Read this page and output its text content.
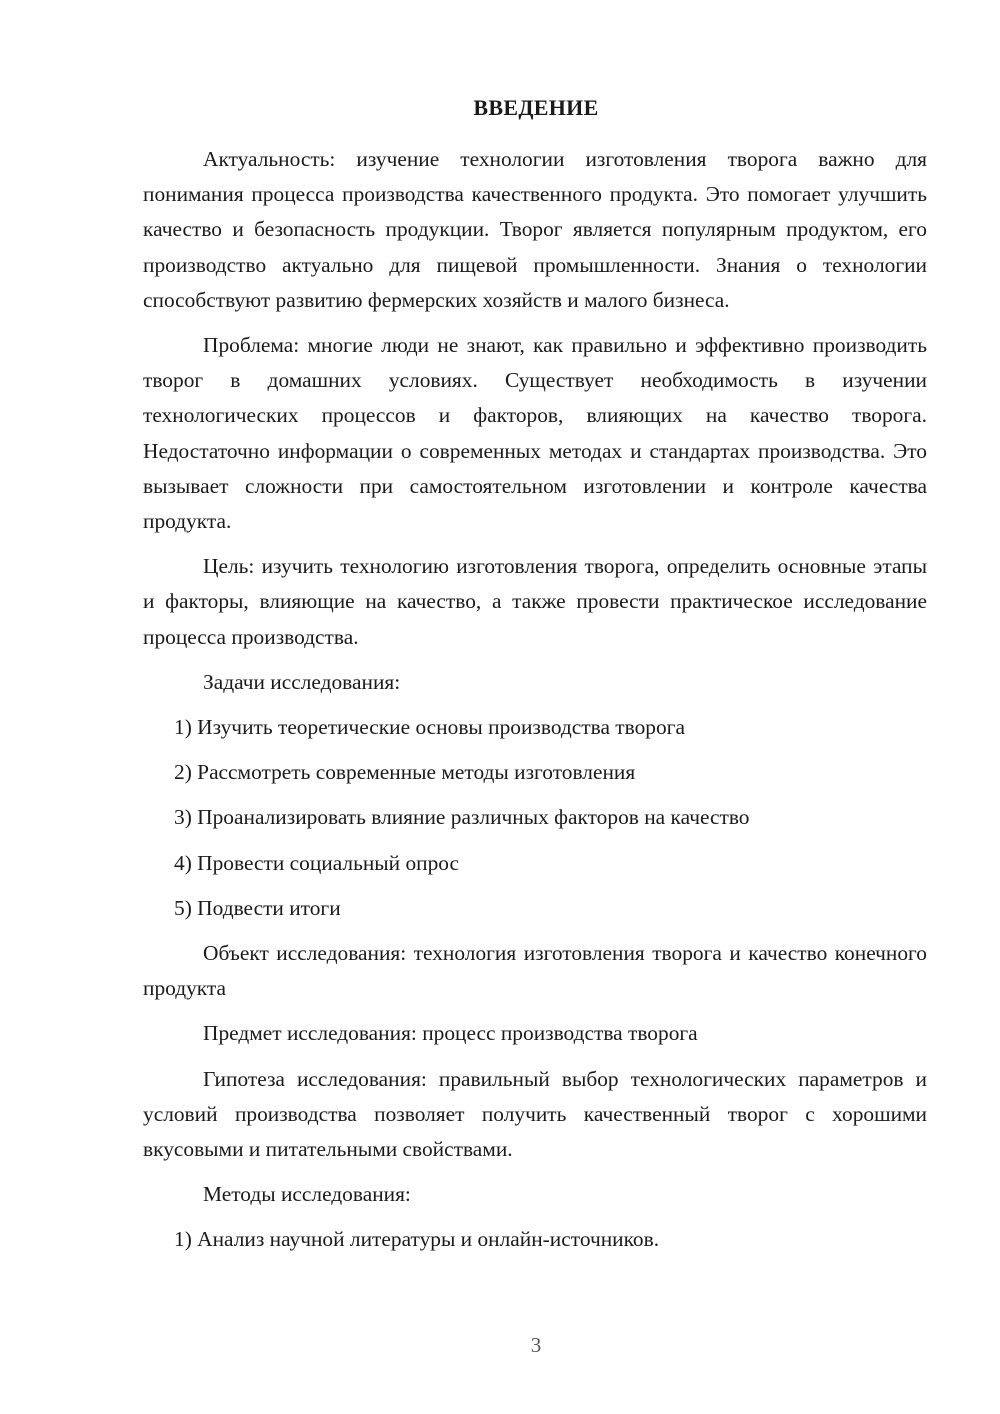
ВВЕДЕНИЕ

Актуальность: изучение технологии изготовления творога важно для понимания процесса производства качественного продукта. Это помогает улучшить качество и безопасность продукции. Творог является популярным продуктом, его производство актуально для пищевой промышленности. Знания о технологии способствуют развитию фермерских хозяйств и малого бизнеса.

Проблема: многие люди не знают, как правильно и эффективно производить творог в домашних условиях. Существует необходимость в изучении технологических процессов и факторов, влияющих на качество творога. Недостаточно информации о современных методах и стандартах производства. Это вызывает сложности при самостоятельном изготовлении и контроле качества продукта.

Цель: изучить технологию изготовления творога, определить основные этапы и факторы, влияющие на качество, а также провести практическое исследование процесса производства.

Задачи исследования:

1) Изучить теоретические основы производства творога

2) Рассмотреть современные методы изготовления

3) Проанализировать влияние различных факторов на качество

4) Провести социальный опрос

5) Подвести итоги

Объект исследования: технология изготовления творога и качество конечного продукта

Предмет исследования: процесс производства творога

Гипотеза исследования: правильный выбор технологических параметров и условий производства позволяет получить качественный творог с хорошими вкусовыми и питательными свойствами.

Методы исследования:

1) Анализ научной литературы и онлайн-источников.

3
